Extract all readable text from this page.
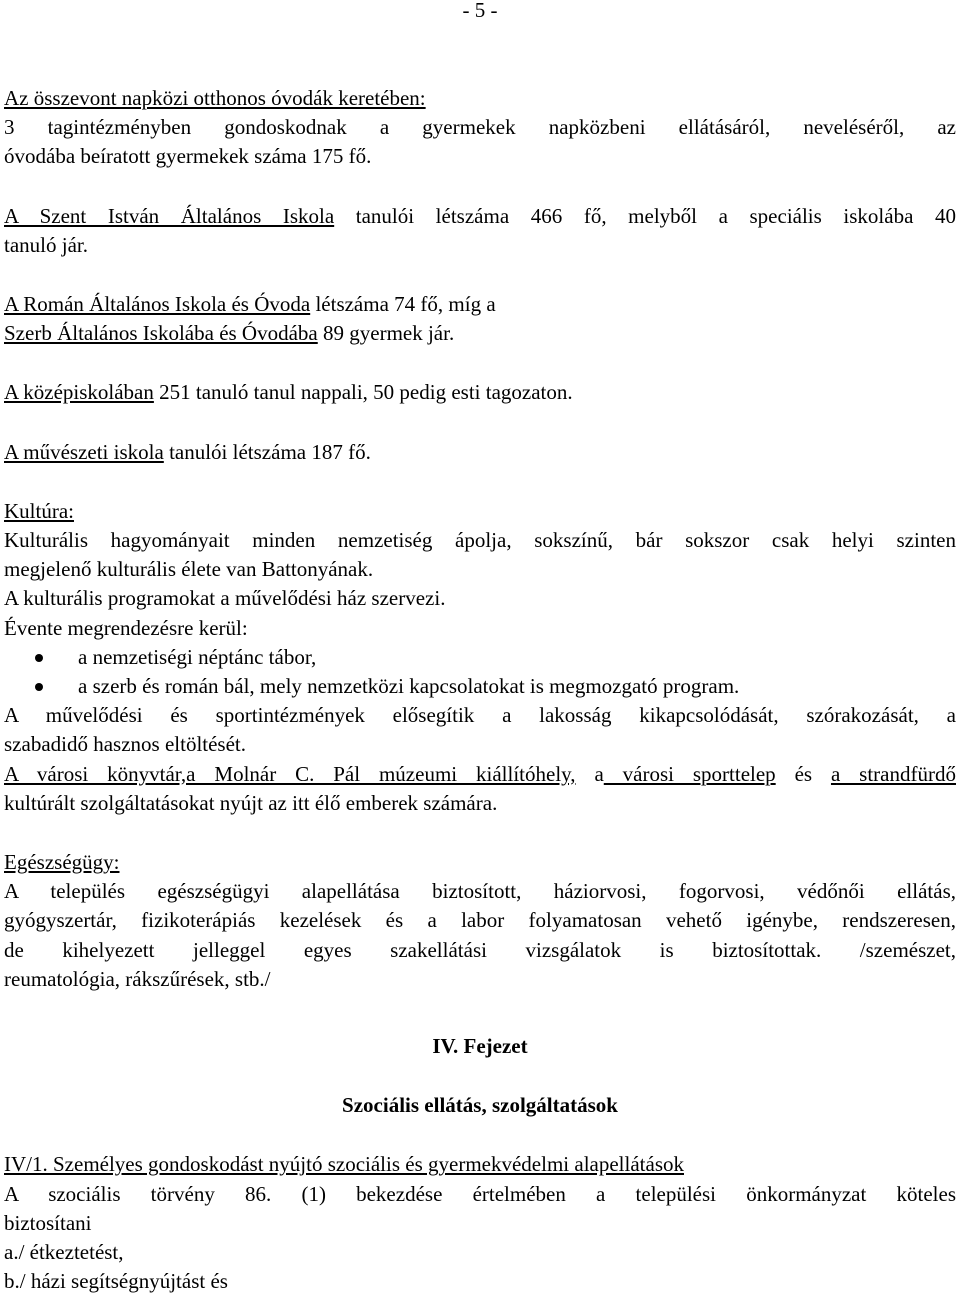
- 5 -

Az összevont napközi otthonos óvodák keretében:

3 tagintézményben gondoskodnak a gyermekek napközbeni ellátásáról, neveléséről, az

óvodába beíratott gyermekek száma 175 fő.

A Szent István Általános Iskola tanulói létszáma 466 fő, melyből a speciális iskolába 40

tanuló jár.

A Román Általános Iskola és Óvoda létszáma 74 fő, míg a

Szerb Általános Iskolába és Óvodába 89 gyermek jár.

A középiskolában 251 tanuló tanul nappali, 50 pedig esti tagozaton.

A művészeti iskola tanulói létszáma 187 fő.

Kultúra:

Kulturális hagyományait minden nemzetiség ápolja, sokszínű, bár sokszor csak helyi szinten

megjelenő kulturális élete van Battonyának.

A kulturális programokat a művelődési ház szervezi.

Évente megrendezésre kerül:

a nemzetiségi néptánc tábor,
a szerb és román bál, mely nemzetközi kapcsolatokat is megmozgató program.

A művelődési és sportintézmények elősegítik a lakosság kikapcsolódását, szórakozását, a

szabadidő hasznos eltöltését.

A városi könyvtár,a Molnár C. Pál múzeumi kiállítóhely, a városi sporttelep és a strandfürdő

kultúrált szolgáltatásokat nyújt az itt élő emberek számára.

Egészségügy:

A település egészségügyi alapellátása biztosított, háziorvosi, fogorvosi, védőnői ellátás,

gyógyszertár, fizikoterápiás kezelések és a labor folyamatosan vehető igénybe, rendszeresen,

de kihelyezett jelleggel egyes szakellátási vizsgálatok is biztosítottak. /szemészet,

reumatológia, rákszűrések, stb./

IV. Fejezet

Szociális ellátás, szolgáltatások

IV/1. Személyes gondoskodást nyújtó szociális és gyermekvédelmi alapellátások

A szociális törvény 86. (1) bekezdése értelmében a települési önkormányzat köteles

biztosítani

a./ étkeztetést,

b./ házi segítségnyújtást és
